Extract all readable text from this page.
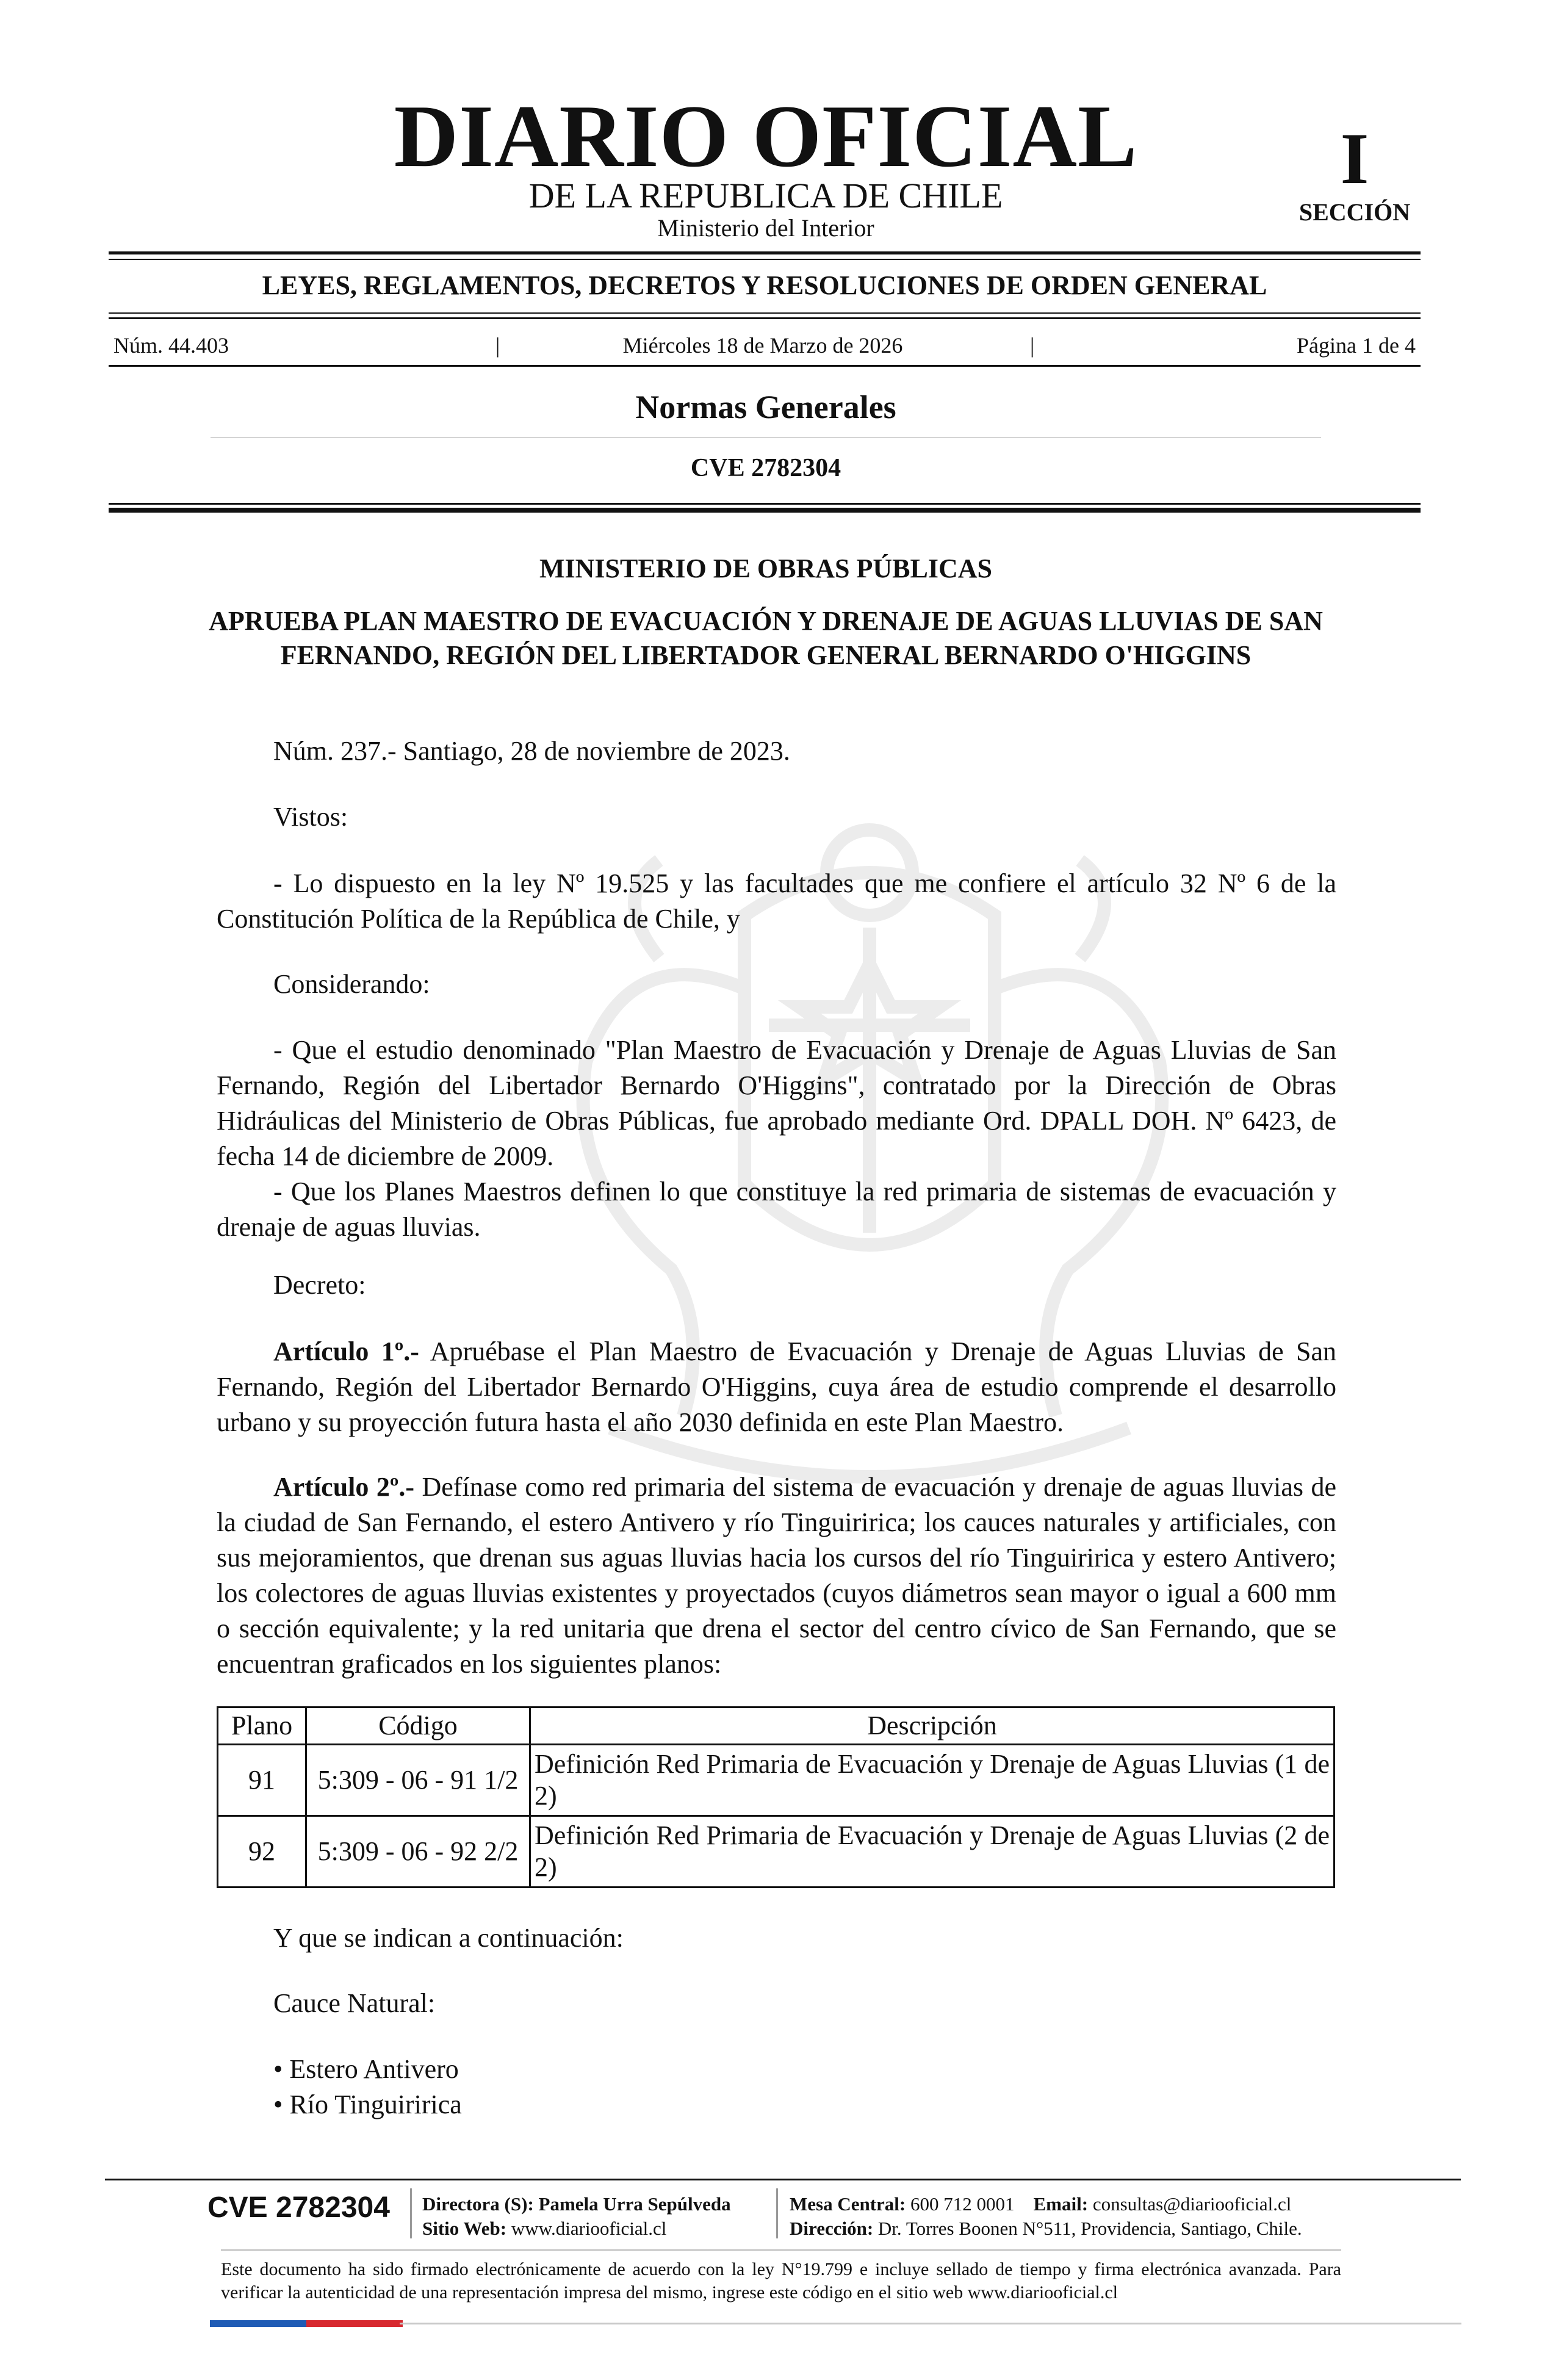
DIARIO OFICIAL
DE LA REPUBLICA DE CHILE
Ministerio del Interior
I
SECCIÓN
LEYES, REGLAMENTOS, DECRETOS Y RESOLUCIONES DE ORDEN GENERAL
Núm. 44.403	|	Miércoles 18 de Marzo de 2026	|	Página 1 de 4
Normas Generales
CVE 2782304
MINISTERIO DE OBRAS PÚBLICAS
APRUEBA PLAN MAESTRO DE EVACUACIÓN Y DRENAJE DE AGUAS LLUVIAS DE SAN FERNANDO, REGIÓN DEL LIBERTADOR GENERAL BERNARDO O'HIGGINS
Núm. 237.- Santiago, 28 de noviembre de 2023.
Vistos:
- Lo dispuesto en la ley Nº 19.525 y las facultades que me confiere el artículo 32 Nº 6 de la Constitución Política de la República de Chile, y
Considerando:
- Que el estudio denominado "Plan Maestro de Evacuación y Drenaje de Aguas Lluvias de San Fernando, Región del Libertador Bernardo O'Higgins", contratado por la Dirección de Obras Hidráulicas del Ministerio de Obras Públicas, fue aprobado mediante Ord. DPALL DOH. Nº 6423, de fecha 14 de diciembre de 2009.
- Que los Planes Maestros definen lo que constituye la red primaria de sistemas de evacuación y drenaje de aguas lluvias.
Decreto:
Artículo 1º.- Apruébase el Plan Maestro de Evacuación y Drenaje de Aguas Lluvias de San Fernando, Región del Libertador Bernardo O'Higgins, cuya área de estudio comprende el desarrollo urbano y su proyección futura hasta el año 2030 definida en este Plan Maestro.
Artículo 2º.- Defínase como red primaria del sistema de evacuación y drenaje de aguas lluvias de la ciudad de San Fernando, el estero Antivero y río Tinguiririca; los cauces naturales y artificiales, con sus mejoramientos, que drenan sus aguas lluvias hacia los cursos del río Tinguiririca y estero Antivero; los colectores de aguas lluvias existentes y proyectados (cuyos diámetros sean mayor o igual a 600 mm o sección equivalente; y la red unitaria que drena el sector del centro cívico de San Fernando, que se encuentran graficados en los siguientes planos:
Plano	Código	Descripción
91	5:309 - 06 - 91 1/2	Definición Red Primaria de Evacuación y Drenaje de Aguas Lluvias (1 de 2)
92	5:309 - 06 - 92 2/2	Definición Red Primaria de Evacuación y Drenaje de Aguas Lluvias (2 de 2)
Y que se indican a continuación:
Cauce Natural:
• Estero Antivero
• Río Tinguiririca
CVE 2782304	Directora (S): Pamela Urra Sepúlveda
Sitio Web: www.diariooficial.cl
Mesa Central: 600 712 0001 Email: consultas@diariooficial.cl
Dirección: Dr. Torres Boonen N°511, Providencia, Santiago, Chile.
Este documento ha sido firmado electrónicamente de acuerdo con la ley N°19.799 e incluye sellado de tiempo y firma electrónica avanzada. Para verificar la autenticidad de una representación impresa del mismo, ingrese este código en el sitio web www.diariooficial.cl
